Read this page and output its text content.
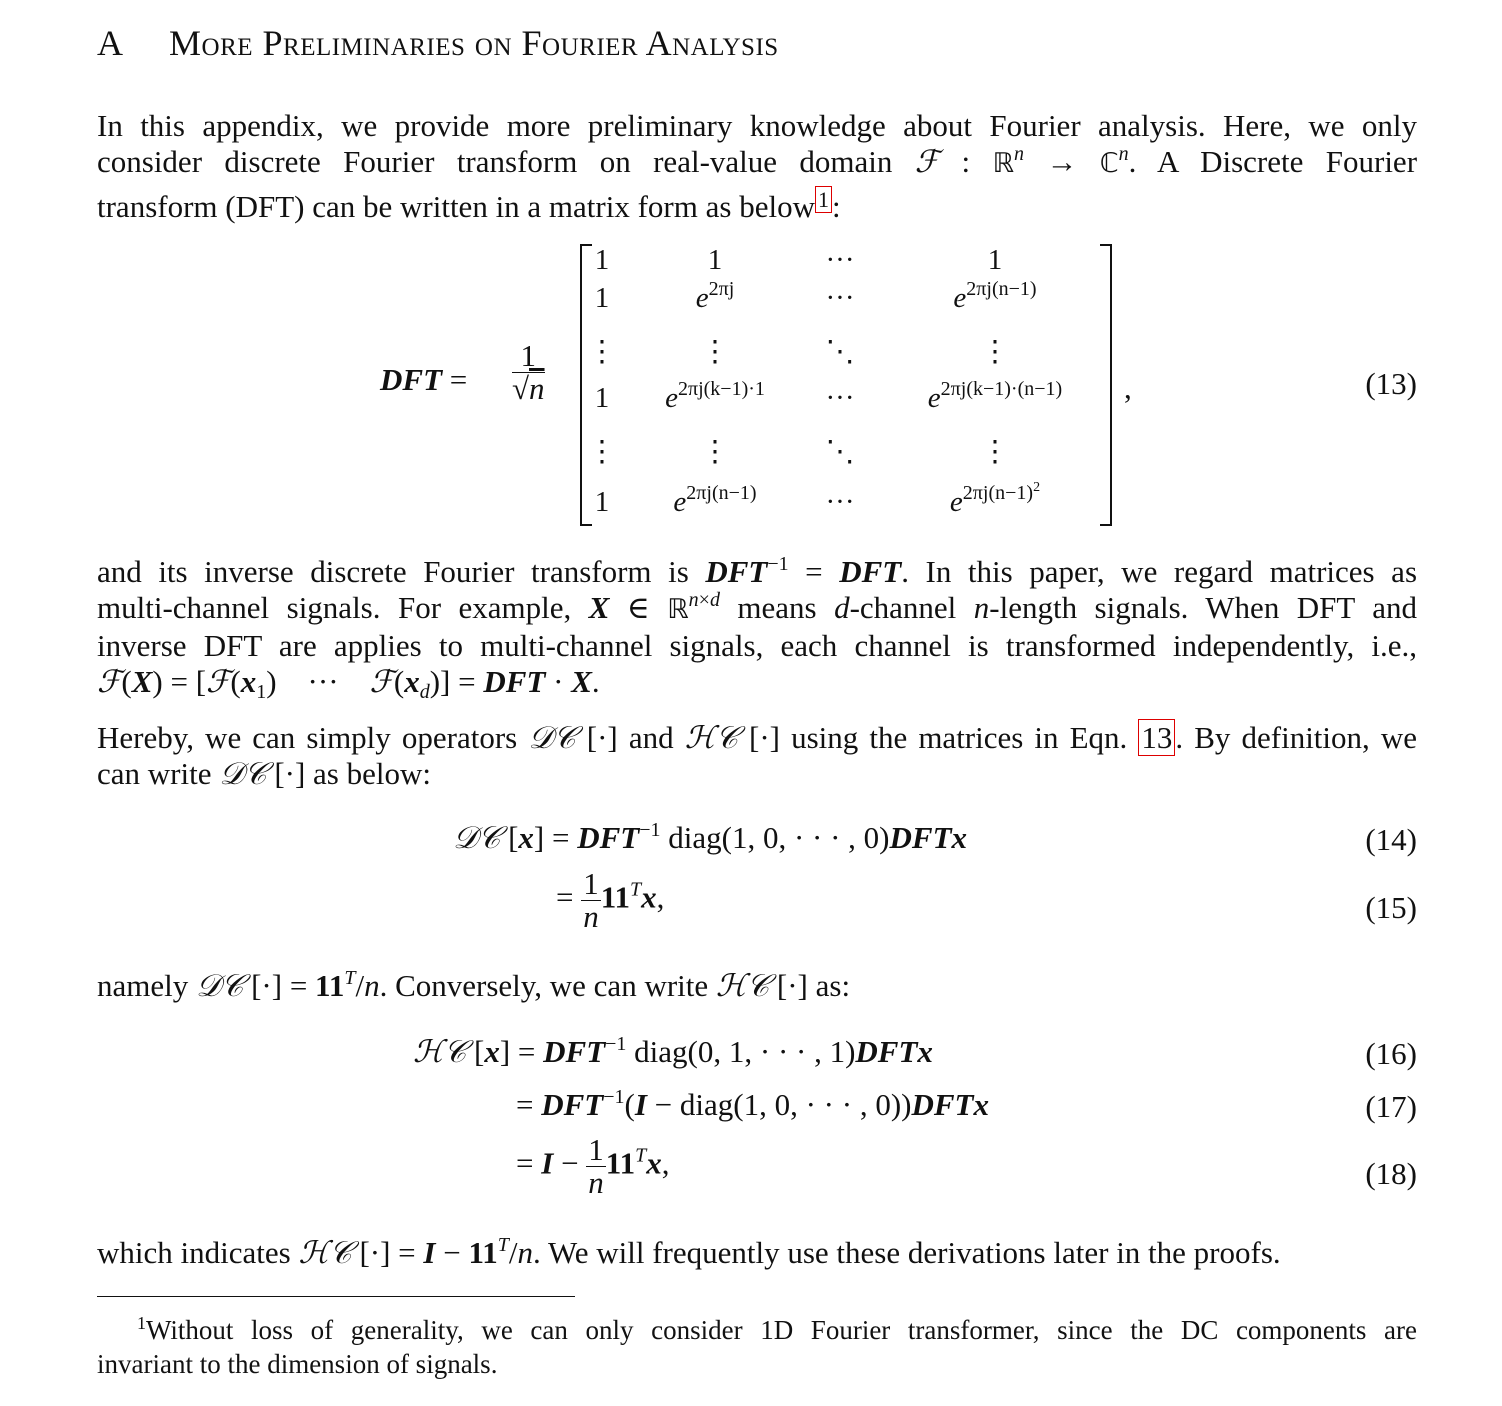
A More Preliminaries on Fourier Analysis
In this appendix, we provide more preliminary knowledge about Fourier analysis. Here, we only
consider discrete Fourier transform on real-value domain ℱ : ℝ$^n$ → ℂ$^n$. A Discrete Fourier
transform (DFT) can be written in a matrix form as below $^1$:
DFT = $\frac{1}{√n}$
1	1	···	1
1	$e^{2\pi j}$	···	$e^{2\pi j(n-1)}$
⋮	⋮	⋱	⋮
1	$e^{2\pi j(k-1)\cdot 1}$	···	$e^{2\pi j(k-1)\cdot(n-1)}$
⋮	⋮	⋱	⋮
1	$e^{2\pi j(n-1)}$	···	$e^{2\pi j(n-1)^2}$
,	(13)
and its inverse discrete Fourier transform is $DFT^{-1}$ = DFT. In this paper, we regard matrices as
multi-channel signals. For example, X ∈ ℝ$^{n\times d}$ means d-channel n-length signals. When DFT and
inverse DFT are applies to multi-channel signals, each channel is transformed independently, i.e.,
ℱ(X) = [$ℱ(x_1)$    ···    $ℱ(x_d)$] = DFT · X.
Hereby, we can simply operators 𝒟𝒞 [·] and ℋ𝒞 [·] using the matrices in Eqn. 13. By definition, we
can write 𝒟𝒞 [·] as below:
𝒟𝒞 $[x] = DFT^{-1}$ diag(1, 0, · · · , 0)DFTx	(14)
= $\frac{1}{n} 11^Tx$,	(15)
namely 𝒟𝒞 [·] = $11^T/n$. Conversely, we can write ℋ𝒞 [·] as:
ℋ𝒞 $[x] = DFT^{-1}$ diag(0, 1, · · · , 1)DFTx	(16)
= $DFT^{-1}(I$ − diag(1, 0, · · · , 0))DFTx	(17)
= $I - \frac{1}{n} 11^Tx$,	(18)
which indicates ℋ𝒞 [·] = $I - 11^T/n$. We will frequently use these derivations later in the proofs.
$^1$Without loss of generality, we can only consider 1D Fourier transformer, since the DC components are
invariant to the dimension of signals.
